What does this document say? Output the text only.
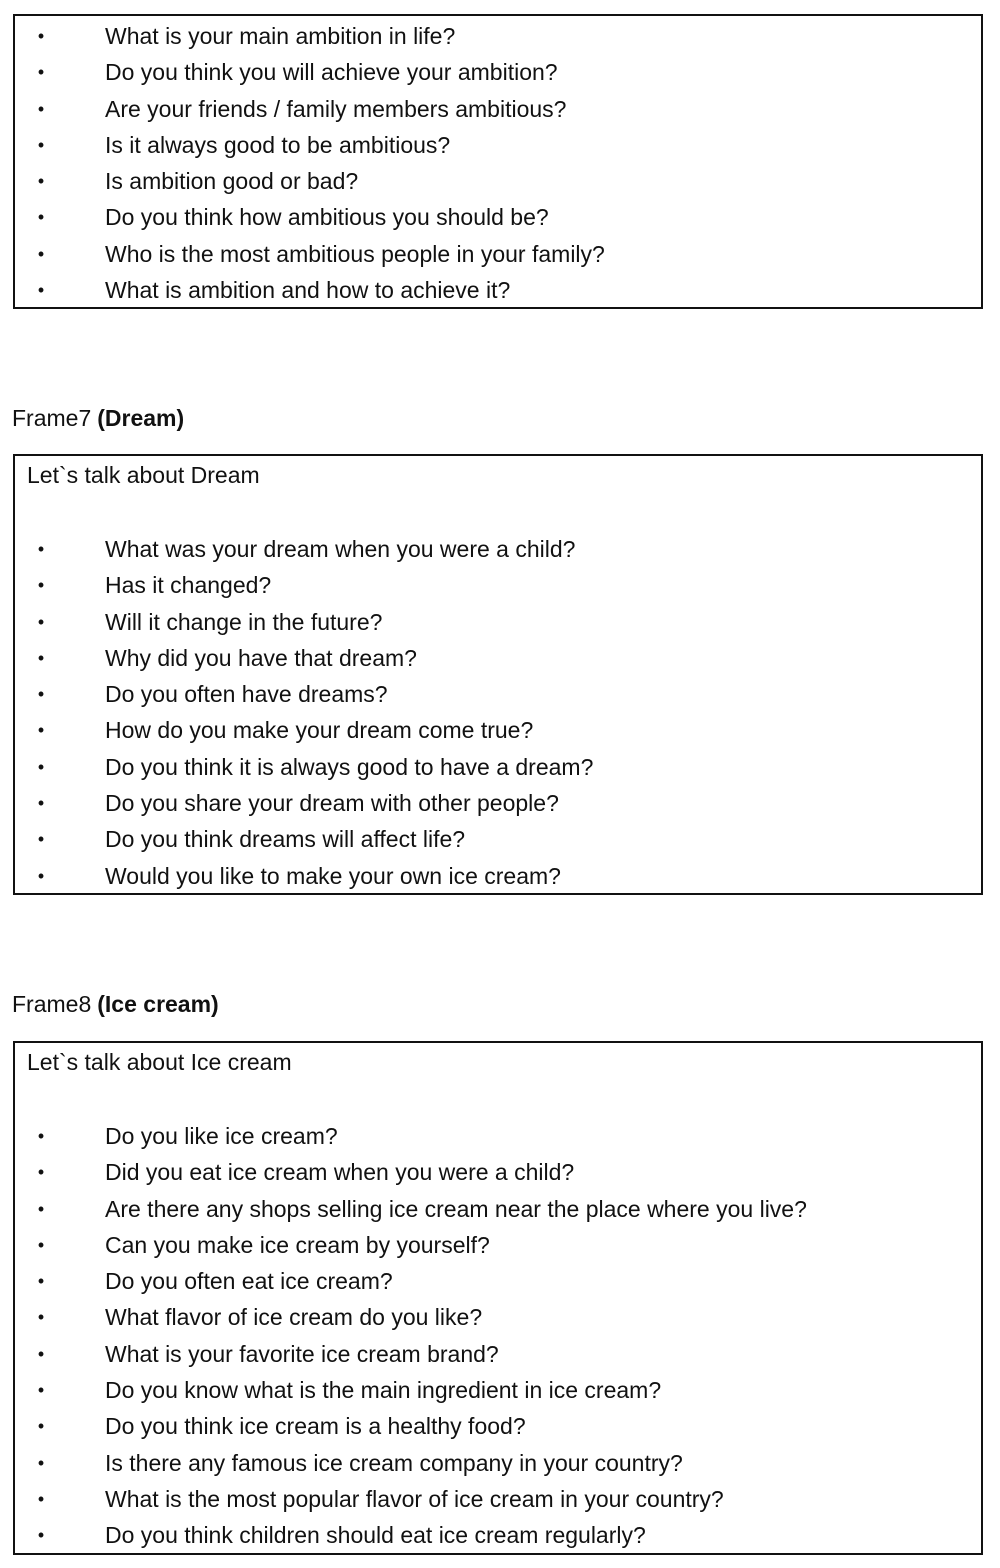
•	What is your main ambition in life?
•	Do you think you will achieve your ambition?
•	Are your friends / family members ambitious?
•	Is it always good to be ambitious?
•	Is ambition good or bad?
•	Do you think how ambitious you should be?
•	Who is the most ambitious people in your family?
•	What is ambition and how to achieve it?
Frame7 (Dream)
Let`s talk about Dream
•	What was your dream when you were a child?
•	Has it changed?
•	Will it change in the future?
•	Why did you have that dream?
•	Do you often have dreams?
•	How do you make your dream come true?
•	Do you think it is always good to have a dream?
•	Do you share your dream with other people?
•	Do you think dreams will affect life?
•	Would you like to make your own ice cream?
Frame8 (Ice cream)
Let`s talk about Ice cream
•	Do you like ice cream?
•	Did you eat ice cream when you were a child?
•	Are there any shops selling ice cream near the place where you live?
•	Can you make ice cream by yourself?
•	Do you often eat ice cream?
•	What flavor of ice cream do you like?
•	What is your favorite ice cream brand?
•	Do you know what is the main ingredient in ice cream?
•	Do you think ice cream is a healthy food?
•	Is there any famous ice cream company in your country?
•	What is the most popular flavor of ice cream in your country?
•	Do you think children should eat ice cream regularly?
